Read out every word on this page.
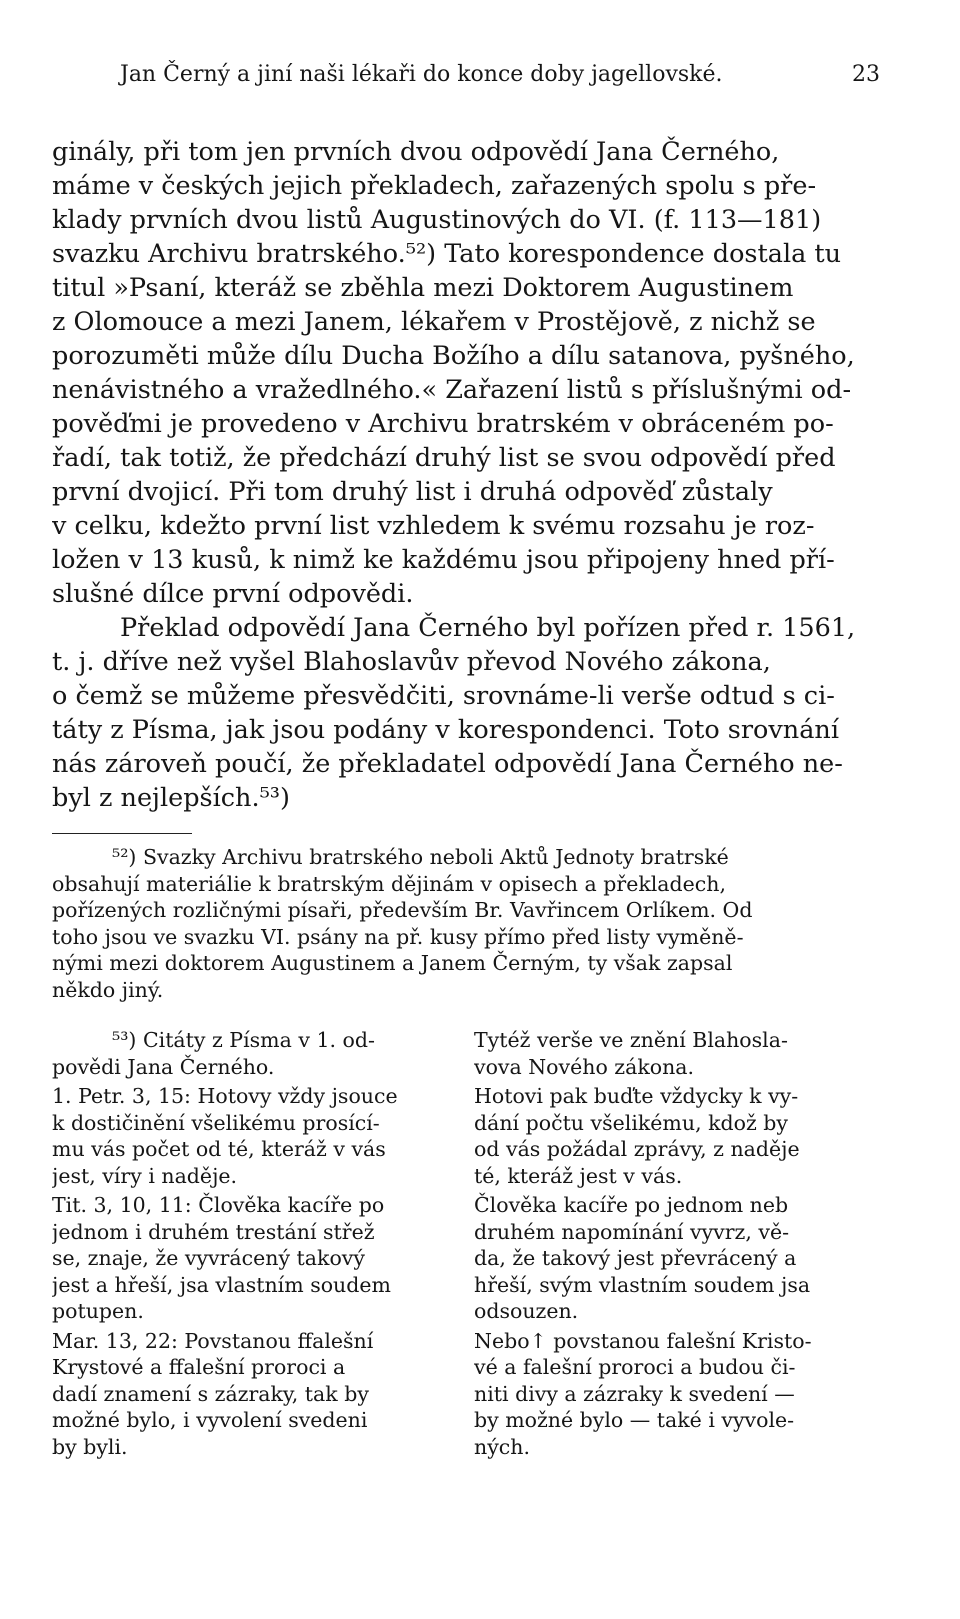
Jan Černý a jiní naši lékaři do konce doby jagellovské.	23
ginály, při tom jen prvních dvou odpovědí Jana Černého,
máme v českých jejich překladech, zařazených spolu s pře-
klady prvních dvou listů Augustinových do VI. (f. 113—181)
svazku Archivu bratrského.⁵²) Tato korespondence dostala tu
titul »Psaní, kteráž se zběhla mezi Doktorem Augustinem
z Olomouce a mezi Janem, lékařem v Prostějově, z nichž se
porozuměti může dílu Ducha Božího a dílu satanova, pyšného,
nenávistného a vražedlného.« Zařazení listů s příslušnými od-
pověďmi je provedeno v Archivu bratrském v obráceném po-
řadí, tak totiž, že předchází druhý list se svou odpovědí před
první dvojicí. Při tom druhý list i druhá odpověď zůstaly
v celku, kdežto první list vzhledem k svému rozsahu je roz-
ložen v 13 kusů, k nimž ke každému jsou připojeny hned pří-
slušné dílce první odpovědi.
Překlad odpovědí Jana Černého byl pořízen před r. 1561,
t. j. dříve než vyšel Blahoslavův převod Nového zákona,
o čemž se můžeme přesvědčiti, srovnáme-li verše odtud s ci-
táty z Písma, jak jsou podány v korespondenci. Toto srovnání
nás zároveň poučí, že překladatel odpovědí Jana Černého ne-
byl z nejlepších.⁵³)
⁵²) Svazky Archivu bratrského neboli Aktů Jednoty bratrské
obsahují materiálie k bratrským dějinám v opisech a překladech,
pořízených rozličnými písaři, především Br. Vavřincem Orlíkem. Od
toho jsou ve svazku VI. psány na př. kusy přímo před listy vyměně-
nými mezi doktorem Augustinem a Janem Černým, ty však zapsal
někdo jiný.
⁵³) Citáty z Písma v 1. od-
povědi Jana Černého.
1. Petr. 3, 15: Hotovy vždy jsouce
k dostičinění všelikému prosící-
mu vás počet od té, kteráž v vás
jest, víry i naděje.
Tit. 3, 10, 11: Člověka kacíře po
jednom i druhém trestání střež
se, znaje, že vyvrácený takový
jest a hřeší, jsa vlastním soudem
potupen.
Mar. 13, 22: Povstanou ffalešní
Krystové a ffalešní proroci a
dadí znamení s zázraky, tak by
možné bylo, i vyvolení svedeni
by byli.
Tytéž verše ve znění Blahosla-
vova Nového zákona.
Hotovi pak buďte vždycky k vy-
dání počtu všelikému, kdož by
od vás požádal zprávy, z naděje
té, kteráž jest v vás.
Člověka kacíře po jednom neb
druhém napomínání vyvrz, vě-
da, že takový jest převrácený a
hřeší, svým vlastním soudem jsa
odsouzen.
Nebo↑ povstanou falešní Kristo-
vé a falešní proroci a budou či-
niti divy a zázraky k svedení —
by možné bylo — také i vyvole-
ných.
